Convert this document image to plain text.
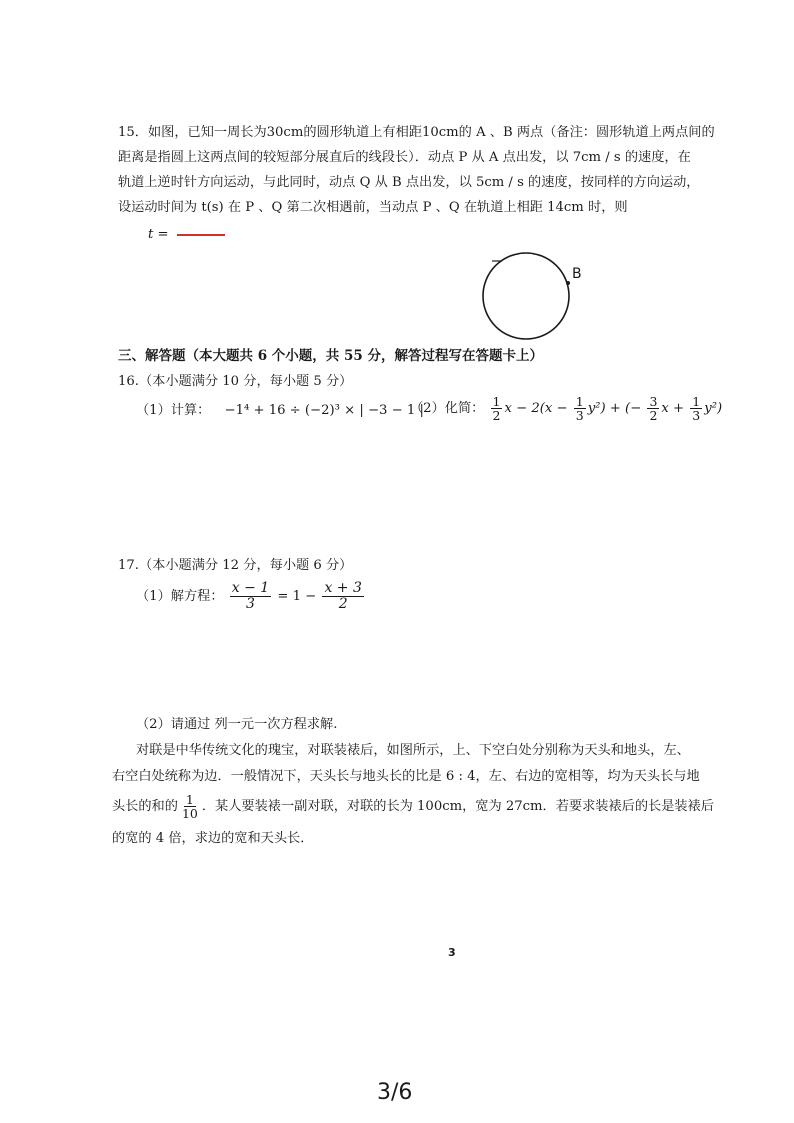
15．如图，已知一周长为30cm的圆形轨道上有相距10cm的 A 、B 两点（备注：圆形轨道上两点间的
距离是指圆上这两点间的较短部分展直后的线段长）．动点 P 从 A 点出发，以 7cm / s 的速度，在
轨道上逆时针方向运动，与此同时，动点 Q 从 B 点出发，以 5cm / s 的速度，按同样的方向运动，
设运动时间为 t(s) 在 P 、Q 第二次相遇前，当动点 P 、Q 在轨道上相距 14cm 时，则
t =
B
三、解答题（本大题共 6 个小题，共 55 分，解答过程写在答题卡上）
16.（本小题满分 10 分，每小题 5 分）
（1）计算： −1⁴ + 16 ÷ (−2)³ × | −3 − 1 |
（2）化简： $\frac{1}{2}$ $x - 2(x - \frac{1}{3} y^2)$ + (− $\frac{3}{2}$ $x + \frac{1}{3} y^2$)
17.（本小题满分 12 分，每小题 6 分）
（1）解方程： $\frac{x - 1}{3} = 1 - \frac{x + 3}{2}$
（2）请通过 列一元一次方程求解.
对联是中华传统文化的瑰宝，对联装裱后，如图所示，上、下空白处分别称为天头和地头，左、
右空白处统称为边．一般情况下，天头长与地头长的比是 6 : 4，左、右边的宽相等，均为天头长与地
头长的和的 $\frac{1}{10}$ ．某人要装裱一副对联，对联的长为 100cm，宽为 27cm．若要求装裱后的长是装裱后
的宽的 4 倍，求边的宽和天头长．
3
3/6
